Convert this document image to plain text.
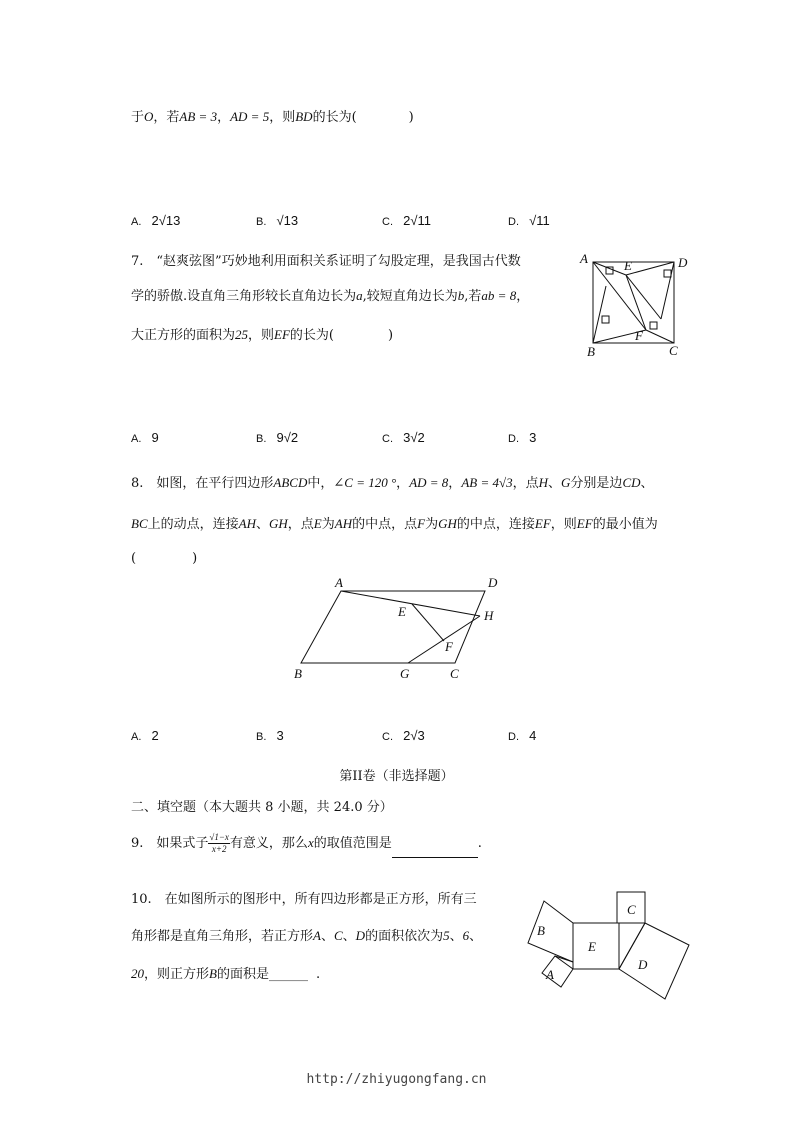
于O，若AB = 3，AD = 5，则BD的长为(	)
A. 2√13	B. √13	C. 2√11	D. √11
7.　“赵爽弦图”巧妙地利用面积关系证明了勾股定理，是我国古代数
学的骄傲.设直角三角形较长直角边长为a,较短直角边长为b,若ab = 8，
大正方形的面积为25，则EF的长为(	)
A	D
E
F
B	C
A. 9	B. 9√2	C. 3√2	D. 3
8.　如图，在平行四边形ABCD中，∠C = 120 °，AD = 8，AB = 4√3，点H、G分别是边CD、
BC上的动点，连接AH、GH，点E为AH的中点，点F为GH的中点，连接EF，则EF的最小值为
(	)
A	D
E	H
F
B	G	C
A. 2	B. 3	C. 2√3	D. 4
第II卷（非选择题）
二、填空题（本大题共 8 小题，共 24.0 分）
9.　如果式子 $\frac{√1-x}{x+2}$有意义，那么x的取值范围是	.
10.　在如图所示的图形中，所有四边形都是正方形，所有三
角形都是直角三角形，若正方形A、C、D的面积依次为5、6、
20，则正方形B的面积是______ .
C
B
E
D
A
http://zhiyugongfang.cn
